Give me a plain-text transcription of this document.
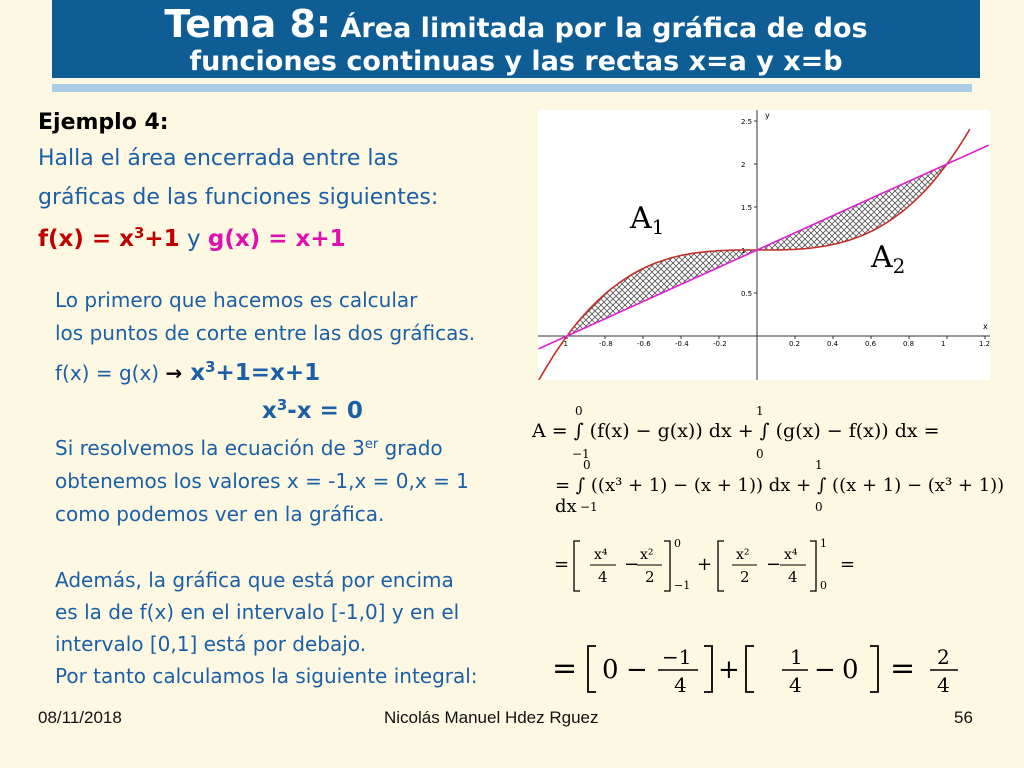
Tema 8: Área limitada por la gráfica de dos
funciones continuas y las rectas x=a y x=b
Ejemplo 4:
Halla el área encerrada entre las
gráficas de las funciones siguientes:
$f(x) = x^3+1$ y g(x) = x+1
Lo primero que hacemos es calcular
los puntos de corte entre las dos gráficas.
$f(x) = g(x) \to x^3+1=x+1$
$x^3-x = 0$
Si resolvemos la ecuación de 3er grado
obtenemos los valores x = -1,x = 0,x = 1
como podemos ver en la gráfica.
Además, la gráfica que está por encima
es la de f(x) en el intervalo [-1,0] y en el
intervalo [0,1] está por debajo.
Por tanto calculamos la siguiente integral:
-1	-0.8	-0.6	-0.4	-0.2	0.2	0.4	0.6	0.8	1	1.2
2.5
2
1.5
1
0.5
x
y
$A_1$
$A_2$
A = ∫ (f(x) − g(x)) dx + ∫ (g(x) − f(x)) dx =
0
−1
1
0
= ∫ ((x³ + 1) − (x + 1)) dx + ∫ ((x + 1) − (x³ + 1)) dx
0
−1
1
0
= x⁴
4
− x²
2
0
−1
+ x²
2
− x⁴
4
1
0
=
= 0 − −1
4 +	1
4 − 0 = 2
4
08/11/2018	Nicolás Manuel Hdez Rguez	56
